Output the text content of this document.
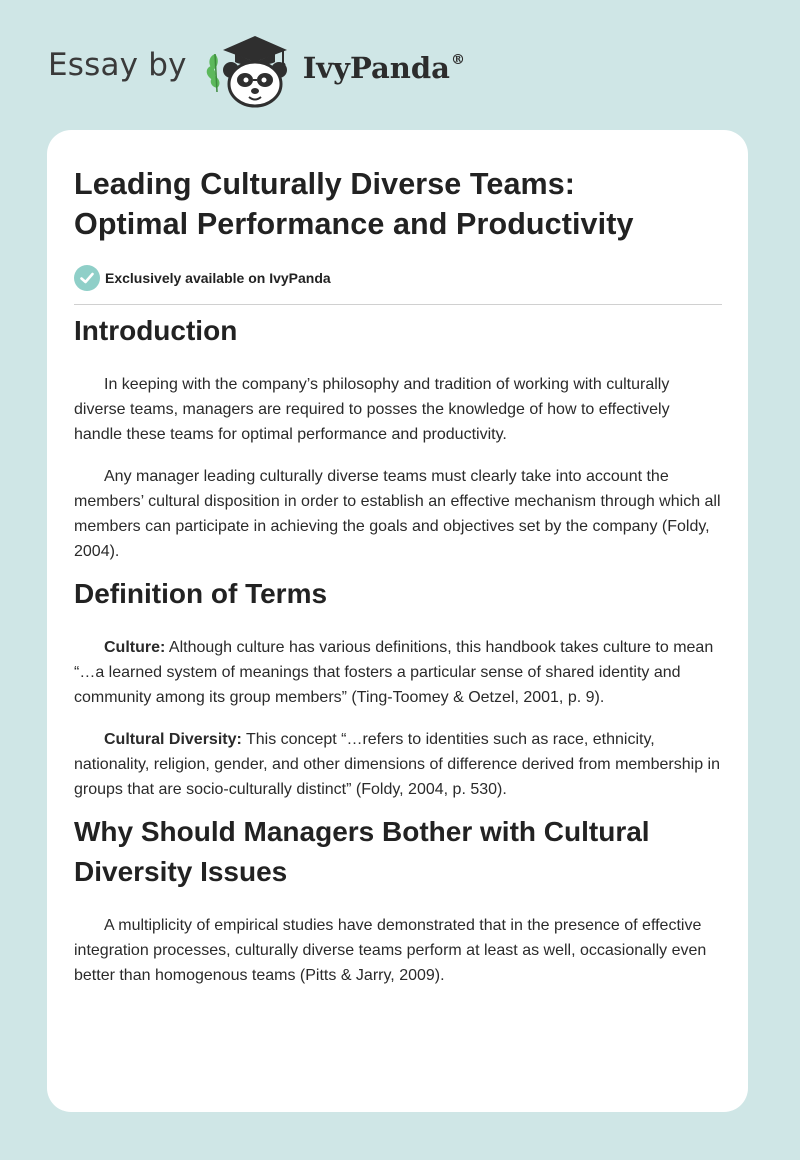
Essay by	IvyPanda®
Leading Culturally Diverse Teams:
Optimal Performance and Productivity
Exclusively available on IvyPanda
Introduction

In keeping with the company’s philosophy and tradition of working with culturally diverse teams, managers are required to posses the knowledge of how to effectively handle these teams for optimal performance and productivity.

Any manager leading culturally diverse teams must clearly take into account the members’ cultural disposition in order to establish an effective mechanism through which all members can participate in achieving the goals and objectives set by the company (Foldy, 2004).

Definition of Terms

Culture: Although culture has various definitions, this handbook takes culture to mean “…a learned system of meanings that fosters a particular sense of shared identity and community among its group members” (Ting-Toomey & Oetzel, 2001, p. 9).

Cultural Diversity: This concept “…refers to identities such as race, ethnicity, nationality, religion, gender, and other dimensions of difference derived from membership in groups that are socio-culturally distinct” (Foldy, 2004, p. 530).

Why Should Managers Bother with Cultural Diversity Issues

A multiplicity of empirical studies have demonstrated that in the presence of effective integration processes, culturally diverse teams perform at least as well, occasionally even better than homogenous teams (Pitts & Jarry, 2009).
